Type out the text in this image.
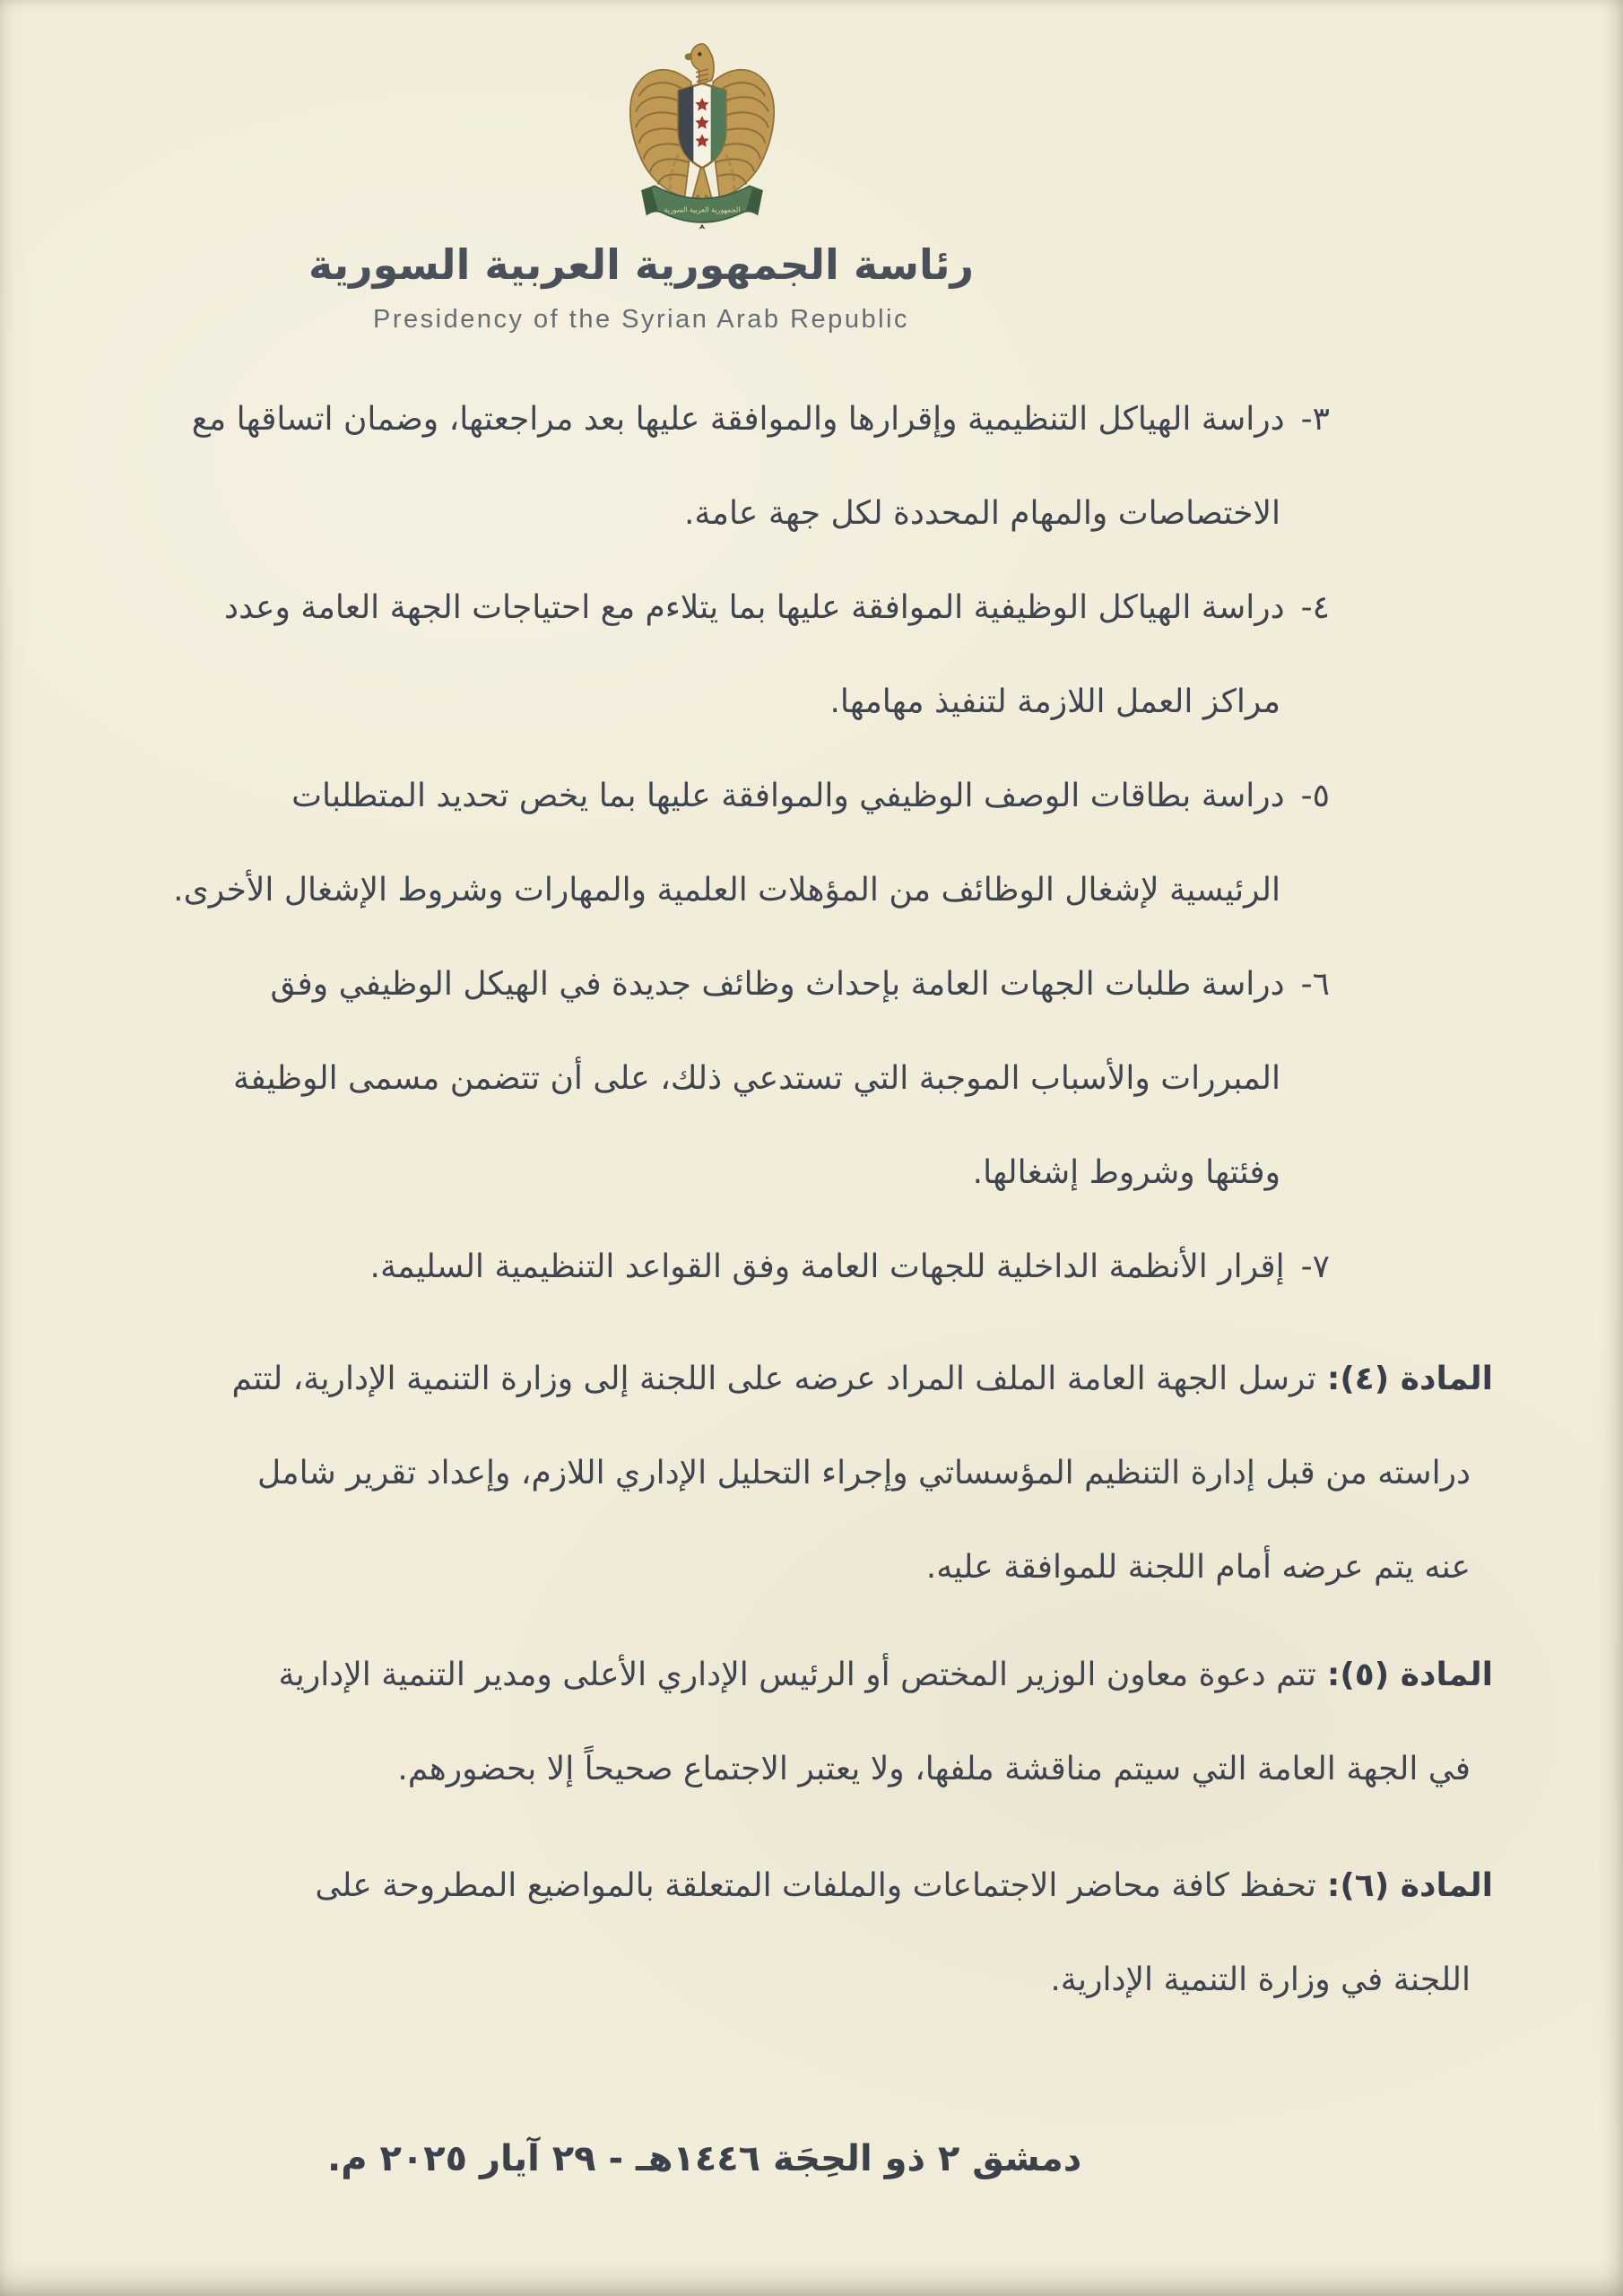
الجمهورية العربية السورية
رئاسة الجمهورية العربية السورية
Presidency of the Syrian Arab Republic
٣-دراسة الهياكل التنظيمية وإقرارها والموافقة عليها بعد مراجعتها، وضمان اتساقها مع
الاختصاصات والمهام المحددة لكل جهة عامة.
٤-دراسة الهياكل الوظيفية الموافقة عليها بما يتلاءم مع احتياجات الجهة العامة وعدد
مراكز العمل اللازمة لتنفيذ مهامها.
٥-دراسة بطاقات الوصف الوظيفي والموافقة عليها بما يخص تحديد المتطلبات
الرئيسية لإشغال الوظائف من المؤهلات العلمية والمهارات وشروط الإشغال الأخرى.
٦-دراسة طلبات الجهات العامة بإحداث وظائف جديدة في الهيكل الوظيفي وفق
المبررات والأسباب الموجبة التي تستدعي ذلك، على أن تتضمن مسمى الوظيفة
وفئتها وشروط إشغالها.
٧-إقرار الأنظمة الداخلية للجهات العامة وفق القواعد التنظيمية السليمة.
المادة (٤):ترسل الجهة العامة الملف المراد عرضه على اللجنة إلى وزارة التنمية الإدارية، لتتم
دراسته من قبل إدارة التنظيم المؤسساتي وإجراء التحليل الإداري اللازم، وإعداد تقرير شامل
عنه يتم عرضه أمام اللجنة للموافقة عليه.
المادة (٥):تتم دعوة معاون الوزير المختص أو الرئيس الإداري الأعلى ومدير التنمية الإدارية
في الجهة العامة التي سيتم مناقشة ملفها، ولا يعتبر الاجتماع صحيحاً إلا بحضورهم.
المادة (٦):تحفظ كافة محاضر الاجتماعات والملفات المتعلقة بالمواضيع المطروحة على
اللجنة في وزارة التنمية الإدارية.
دمشق ٢ ذو الحِجَة ١٤٤٦هـ - ٢٩ آيار ٢٠٢٥ م.
